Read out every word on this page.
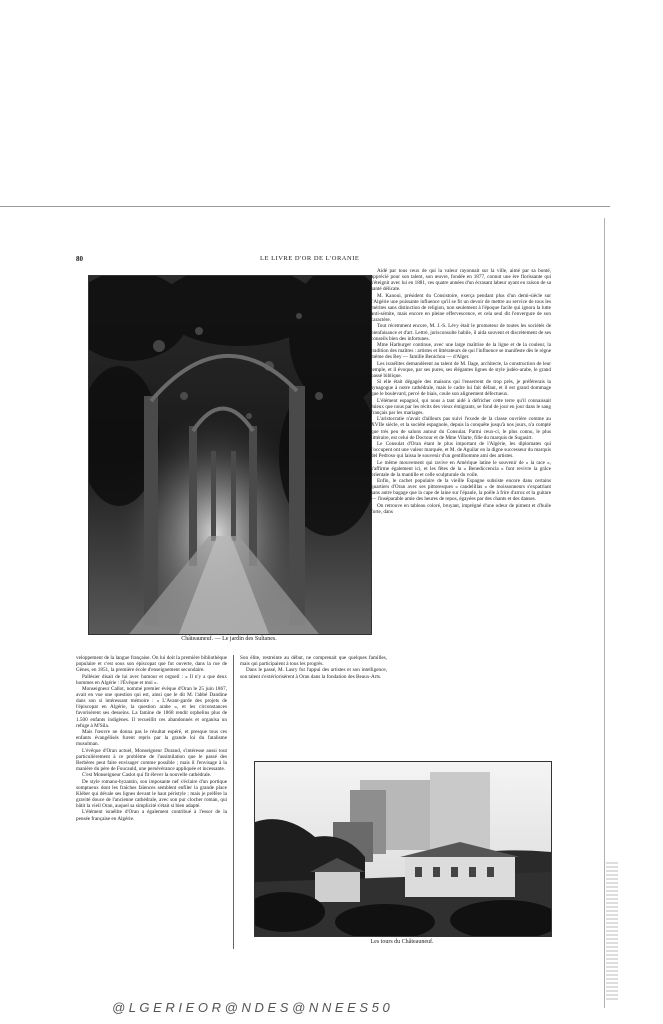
80	LE LIVRE D'OR DE L'ORANIE
Châteauneuf. — Le jardin des Sultanes.

Aidé par tous ceux de qui la valeur rayonnait sur la ville, aimé par sa bonté, apprécié pour son talent, son œuvre, fondée en 1877, connut une ère florissante qui s'éteignit avec lui en 1881, ces quatre années d'un écrasant labeur ayant eu raison de sa santé délicate.

M. Kanoui, président du Consistoire, exerça pendant plus d'un demi-siècle sur l'Algérie une puissante influence qu'il se fit un devoir de mettre au service de tous les mérites sans distinction de religion, non seulement à l'époque facile qui ignora la lutte anti-sémite, mais encore en pleine effervescence, et cela seul dit l'envergure de son caractère.

Tout récemment encore, M. J.-S. Lévy était le promoteur de toutes les sociétés de bienfaisance et d'art. Lettré, jurisconsulte habile, il aida souvent et discrètement de ses conseils bien des infortunes.

Mme Harburger continue, avec une large maîtrise de la ligne et de la couleur, la tradition des maîtres : artistes et littérateurs de qui l'influence se manifeste dès le règne même des Bey — famille Benichou — d'Alger.

Les israélites demandèrent au talent de M. Ilage, architecte, la construction de leur temple, et il évoque, par ses pures, ses élégantes lignes de style judéo-arabe, le grand passé biblique.

Si elle était dégagée des maisons qui l'enserrent de trop près, je préférerais la synagogue à notre cathédrale, mais le cadre lui fait défaut, et il est grand dommage que le boulevard, percé de biais, coule son alignement défectueux.

L'élément espagnol, qui nous a tant aidé à défricher cette terre qu'il connaissait mieux que nous par les récits des vieux émigrants, se fond de jour en jour dans le sang français par les mariages.

L'aristocratie n'avait d'ailleurs pas suivi l'exode de la classe ouvrière comme au XVIIe siècle, et la société espagnole, depuis la conquête jusqu'à nos jours, n'a compté que très peu de salons autour du Consulat. Parmi ceux-ci, le plus connu, le plus littéraire, est celui de Doctour et de Mme Vilarte, fille du marquis de Sugasirt.

Le Consulat d'Oran étant le plus important de l'Algérie, les diplomates qui l'occupent ont une valeur marquée, et M. de Aguilar en la digne successeur du marquis del Pedroso qui laissa le souvenir d'un gentilhomme ami des artistes.

Le même mouvement qui ravive en Amérique latine le souvenir de « la race », s'affirme également ici, et les fêtes de la « Benediccencia » font revivre la grâce orientale de la mantille et celle sculpturale du voile.

Enfin, le cachet populaire de la vieille Espagne subsiste encore dans certains quartiers d'Oran avec ses pittoresques « candelillas » de moissonneurs s'expatriant sans autre bagage que la cape de laine sur l'épaule, la poële à frire d'arroz et la guitare — l'inséparable amie des heures de repos, égayées par des chants et des danses.

On retrouve en tableau coloré, bruyant, imprégné d'une odeur de piment et d'huile forte, dans

veloppement de la langue française. On lui doit la première bibliothèque populaire et c'est sous son épiscopat que fut ouverte, dans la rue de Gènes, en 1851, la première école d'enseignement secondaire.

Pallésier disait de lui avec humour et orgueil : « Il n'y a que deux hommes en Algérie : l'Évêque et moi ».

Monseigneur Callot, nommé premier évêque d'Oran le 25 juin 1867, avait en vue une question qui est, ainsi que le dit M. l'abbé Dandine dans son si intéressant mémoire : « L'Avant-garde des projets de l'épiscopat en Algérie, la question arabe », et les circonstances favorisèrent ses desseins. La famine de 1868 rendit orphelins plus de 1.500 enfants indigènes. Il recueillit ces abandonnés et organisa un refuge à M'Sila.

Mais l'œuvre ne donna pas le résultat espéré, et presque tous ces enfants évangélisés furent repris par la grande loi du fatalisme musulman.

L'évêque d'Oran actuel, Monseigneur Durand, s'intéresse aussi tout particulièrement à ce problème de l'assimilation que le passé des Berbères peut faire envisager comme possible ; mais il l'envisage à la manière du père de Foucauld, une persévérance appliquée et incessante.

C'est Monseigneur Caslot qui fit élever la nouvelle cathédrale.

De style romano-byzantin, son imposante nef s'éclaire d'un portique somptueux dont les fraîches faïences semblent enfiler la grande place Kléber qui dévale ses lignes devant le haut péristyle ; mais je préfère la gravité douce de l'ancienne cathédrale, avec son pur clocher roman, qui bâtit la vieil Oran, auquel sa simplicité s'était si bien adapté.

L'élément israélite d'Oran a également contribué à l'essor de la pensée française en Algérie.

Son élite, restreinte au début, ne comprenait que quelques familles, mais qui participaient à tous les progrès.

Dans le passé, M. Lasry fut l'appui des artistes et son intelligence, son talent s'extériorisèrent à Oran dans la fondation des Beaux-Arts.

Les tours du Châteauneuf.
@ L G E R I E O R @ N D E S @ N N E E S 5 0
